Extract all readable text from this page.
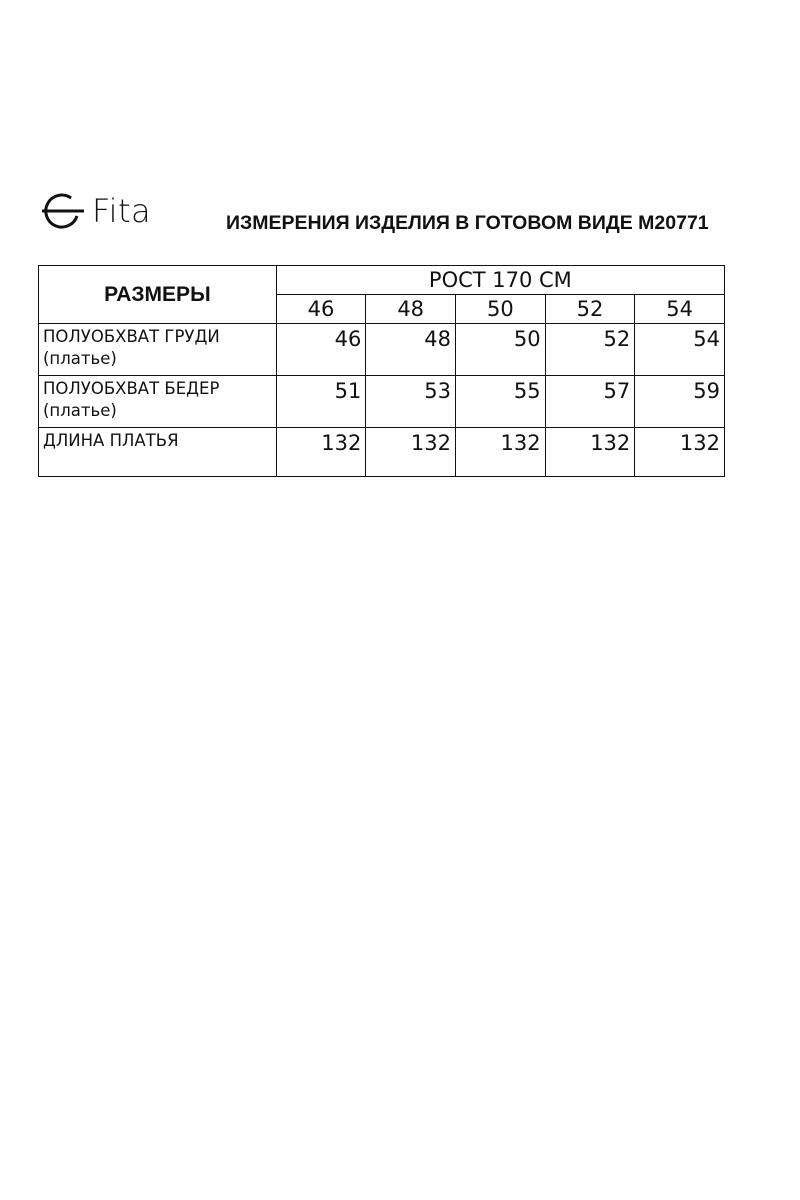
Fita	ИЗМЕРЕНИЯ ИЗДЕЛИЯ В ГОТОВОМ ВИДЕ М20771
РАЗМЕРЫ	РОСТ 170 СМ				
	46	48	50	52	54

ПОЛУОБХВАТ ГРУДИ
(платье)	46	48	50	52	54

ПОЛУОБХВАТ БЕДЕР
(платье)	51	53	55	57	59

ДЛИНА ПЛАТЬЯ	132	132	132	132	132
